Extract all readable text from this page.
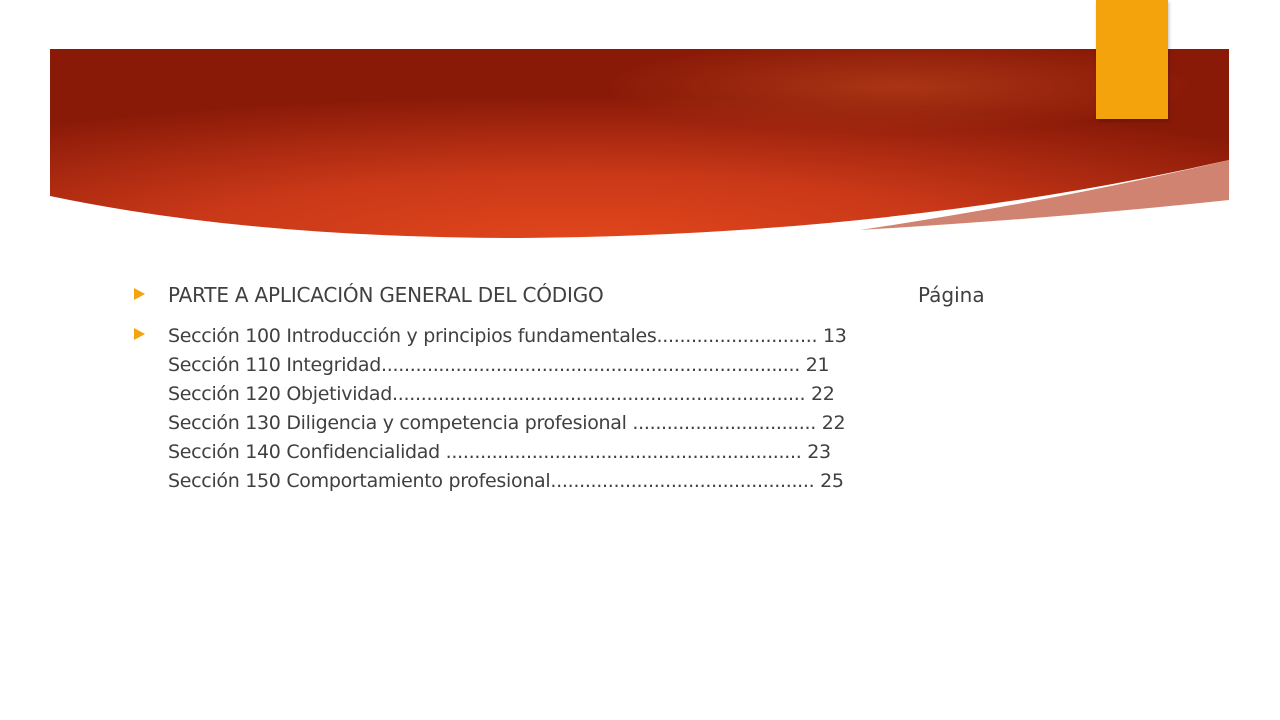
PARTE A APLICACIÓN GENERAL DEL CÓDIGO	Página
Sección 100 Introducción y principios fundamentales............................ 13
Sección 110 Integridad......................................................................... 21
Sección 120 Objetividad........................................................................ 22
Sección 130 Diligencia y competencia profesional ................................ 22
Sección 140 Confidencialidad .............................................................. 23
Sección 150 Comportamiento profesional.............................................. 25
